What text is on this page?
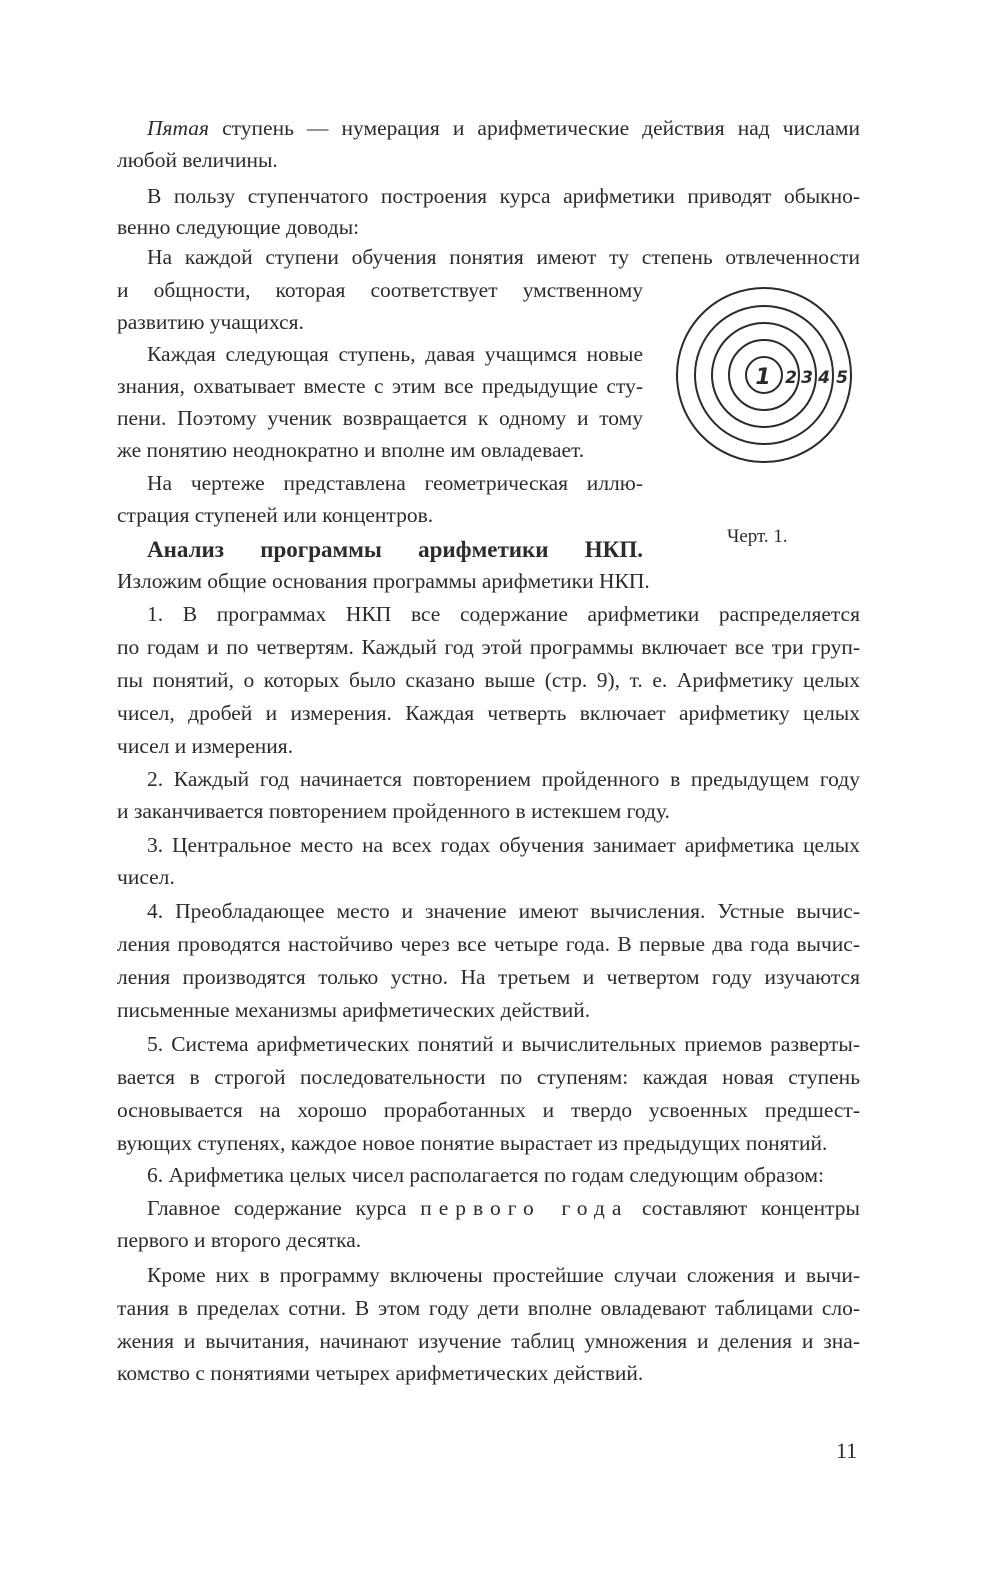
Пятая ступень — нумерация и арифметические действия над числами
любой величины.
В пользу ступенчатого построения курса арифметики приводят обыкно-
венно следующие доводы:
На каждой ступени обучения понятия имеют ту степень отвлеченности
и общности, которая соответствует умственному
развитию учащихся.
Каждая следующая ступень, давая учащимся новые
знания, охватывает вместе с этим все предыдущие сту-
пени. Поэтому ученик возвращается к одному и тому
же понятию неоднократно и вполне им овладевает.
На чертеже представлена геометрическая иллю-
страция ступеней или концентров.
Анализ программы арифметики НКП.
Изложим общие основания программы арифметики НКП.
1. В программах НКП все содержание арифметики распределяется
по годам и по четвертям. Каждый год этой программы включает все три груп-
пы понятий, о которых было сказано выше (стр. 9), т. е. Арифметику целых
чисел, дробей и измерения. Каждая четверть включает арифметику целых
чисел и измерения.
2. Каждый год начинается повторением пройденного в предыдущем году
и заканчивается повторением пройденного в истекшем году.
3. Центральное место на всех годах обучения занимает арифметика целых
чисел.
4. Преобладающее место и значение имеют вычисления. Устные вычис-
ления проводятся настойчиво через все четыре года. В первые два года вычис-
ления производятся только устно. На третьем и четвертом году изучаются
письменные механизмы арифметических действий.
5. Система арифметических понятий и вычислительных приемов разверты-
вается в строгой последовательности по ступеням: каждая новая ступень
основывается на хорошо проработанных и твердо усвоенных предшест-
вующих ступенях, каждое новое понятие вырастает из предыдущих понятий.
6. Арифметика целых чисел располагается по годам следующим образом:
Главное содержание курса первого года составляют концентры
первого и второго десятка.
Кроме них в программу включены простейшие случаи сложения и вычи-
тания в пределах сотни. В этом году дети вполне овладевают таблицами сло-
жения и вычитания, начинают изучение таблиц умножения и деления и зна-
комство с понятиями четырех арифметических действий.
1 2 3 4 5
Черт. 1.
11
